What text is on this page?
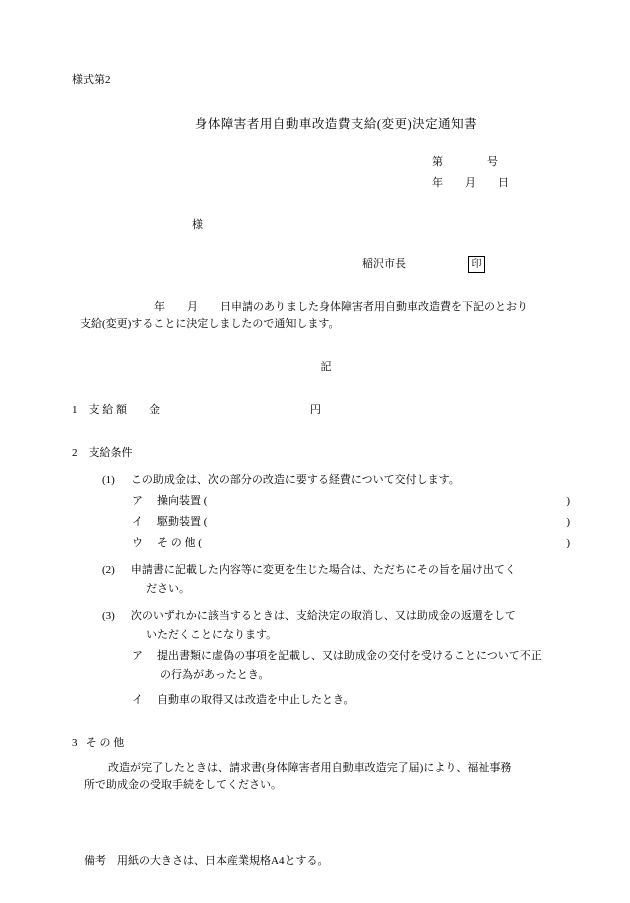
様式第2
身体障害者用自動車改造費支給(変更)決定通知書
第                号
年        月        日
様
稲沢市長	印
年        月        日申請のありました身体障害者用自動車改造費を下記のとおり
支給(変更)することに決定しましたので通知します。
記
1    支 給 額        金	円
2    支給条件
(1)	この助成金は、次の部分の改造に要する経費について交付します。
ア	操向装置 (	)
イ	駆動装置 (	)
ウ	そ の 他 (	)
(2)	申請書に記載した内容等に変更を生じた場合は、ただちにその旨を届け出てく
ださい。
(3)	次のいずれかに該当するときは、支給決定の取消し、又は助成金の返還をして
いただくことになります。
ア	提出書類に虚偽の事項を記載し、又は助成金の交付を受けることについて不正
の行為があったとき。
イ	自動車の取得又は改造を中止したとき。
3   そ の 他
改造が完了したときは、請求書(身体障害者用自動車改造完了届)により、福祉事務
所で助成金の受取手続をしてください。
備考    用紙の大きさは、日本産業規格A4とする。
